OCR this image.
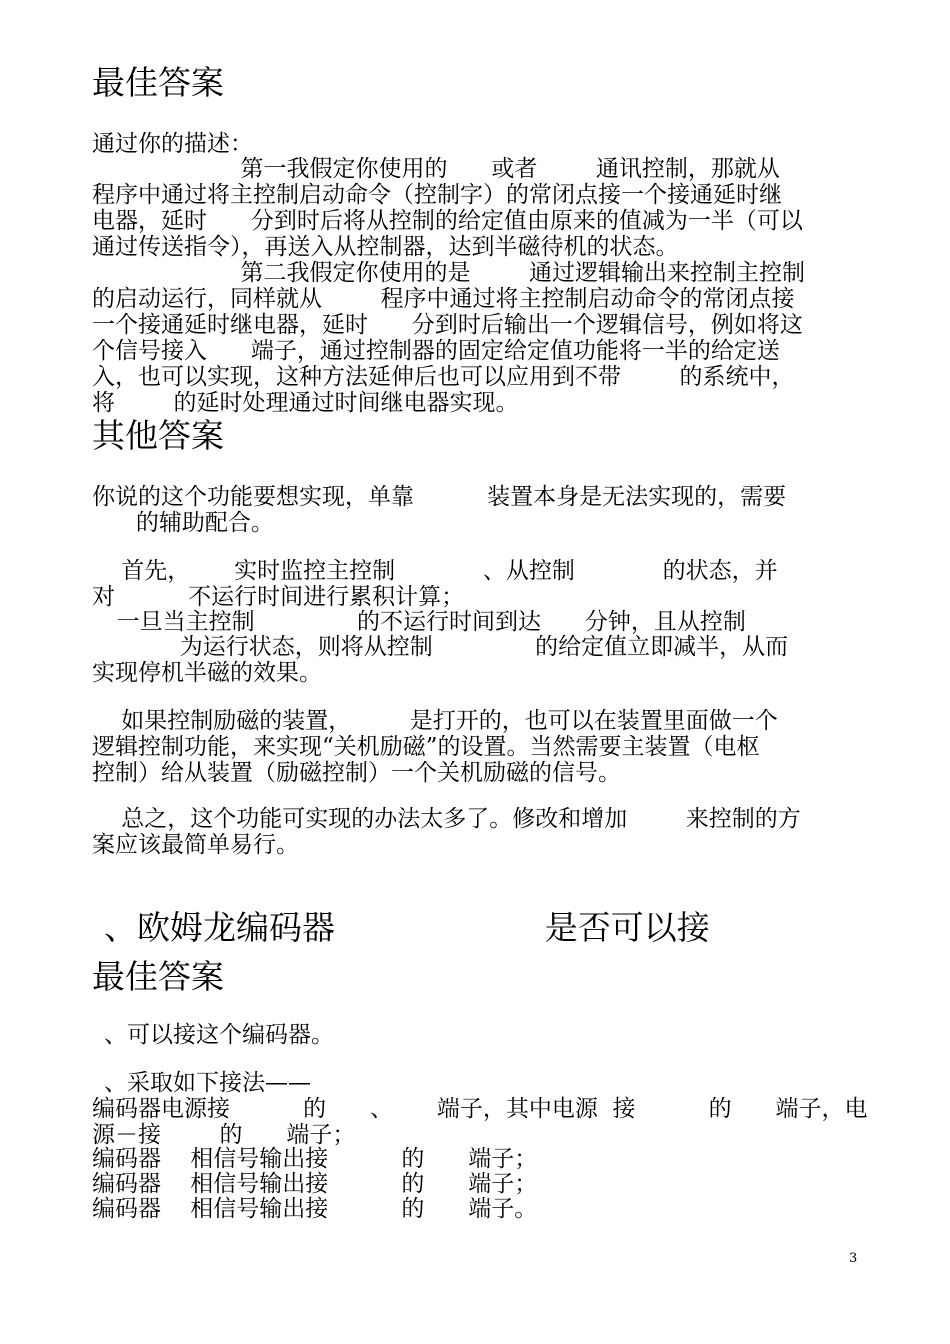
最佳答案

通过你的描述：

第一我假定你使用的      或者        通讯控制，那就从

程序中通过将主控制启动命令（控制字）的常闭点接一个接通延时继

电器，延时      分到时后将从控制的给定值由原来的值减为一半（可以

通过传送指令），再送入从控制器，达到半磁待机的状态。

第二我假定你使用的是        通过逻辑输出来控制主控制

的启动运行，同样就从        程序中通过将主控制启动命令的常闭点接

一个接通延时继电器，延时      分到时后输出一个逻辑信号，例如将这

个信号接入      端子，通过控制器的固定给定值功能将一半的给定送

入，也可以实现，这种方法延伸后也可以应用到不带        的系统中，

将        的延时处理通过时间继电器实现。

其他答案

你说的这个功能要想实现，单靠          装置本身是无法实现的，需要

的辅助配合。

首先，      实时监控主控制            、从控制            的状态，并

对          不运行时间进行累积计算；

一旦当主控制              的不运行时间到达      分钟，且从控制

为运行状态，则将从控制              的给定值立即减半，从而

实现停机半磁的效果。

如果控制励磁的装置，        是打开的，也可以在装置里面做一个

逻辑控制功能，来实现“关机励磁”的设置。当然需要主装置（电枢

控制）给从装置（励磁控制）一个关机励磁的信号。

总之，这个功能可实现的办法太多了。修改和增加        来控制的方

案应该最简单易行。

、欧姆龙编码器                    是否可以接
最佳答案

、可以接这个编码器。

、采取如下接法——

编码器电源接          的      、      端子，其中电源  接          的      端子，电

源－接        的      端子；

编码器    相信号输出接          的      端子；

编码器    相信号输出接          的      端子；

编码器    相信号输出接          的      端子。

3
